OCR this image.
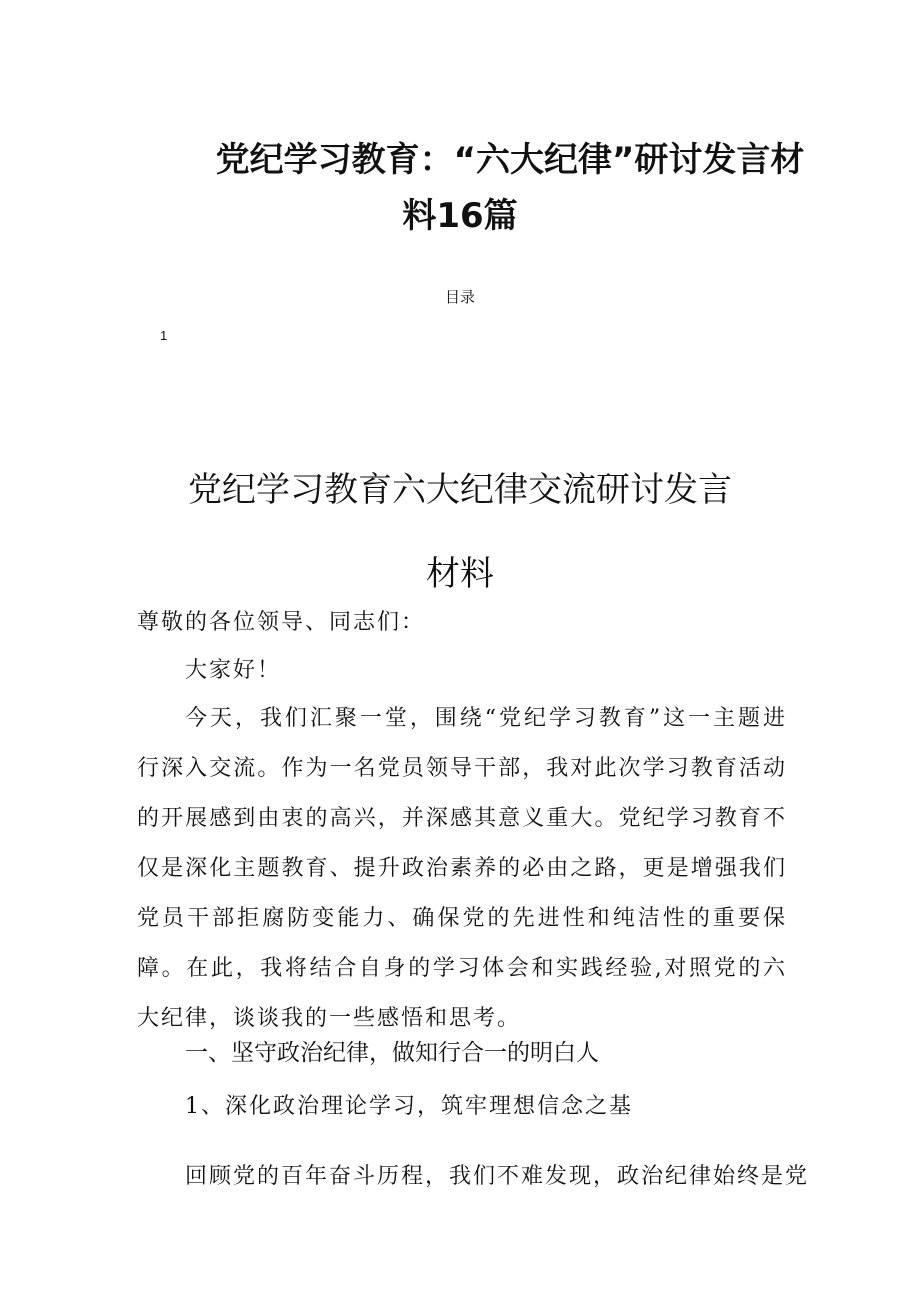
党纪学习教育：“六大纪律”研讨发言材
料16篇
目录
1
党纪学习教育六大纪律交流研讨发言
材料

尊敬的各位领导、同志们：

大家好！

今天，我们汇聚一堂，围绕“党纪学习教育”这一主题进行深入交流。作为一名党员领导干部，我对此次学习教育活动的开展感到由衷的高兴，并深感其意义重大。党纪学习教育不仅是深化主题教育、提升政治素养的必由之路，更是增强我们党员干部拒腐防变能力、确保党的先进性和纯洁性的重要保障。在此，我将结合自身的学习体会和实践经验,对照党的六大纪律，谈谈我的一些感悟和思考。

一、坚守政治纪律，做知行合一的明白人

1、深化政治理论学习，筑牢理想信念之基

回顾党的百年奋斗历程，我们不难发现，政治纪律始终是党
